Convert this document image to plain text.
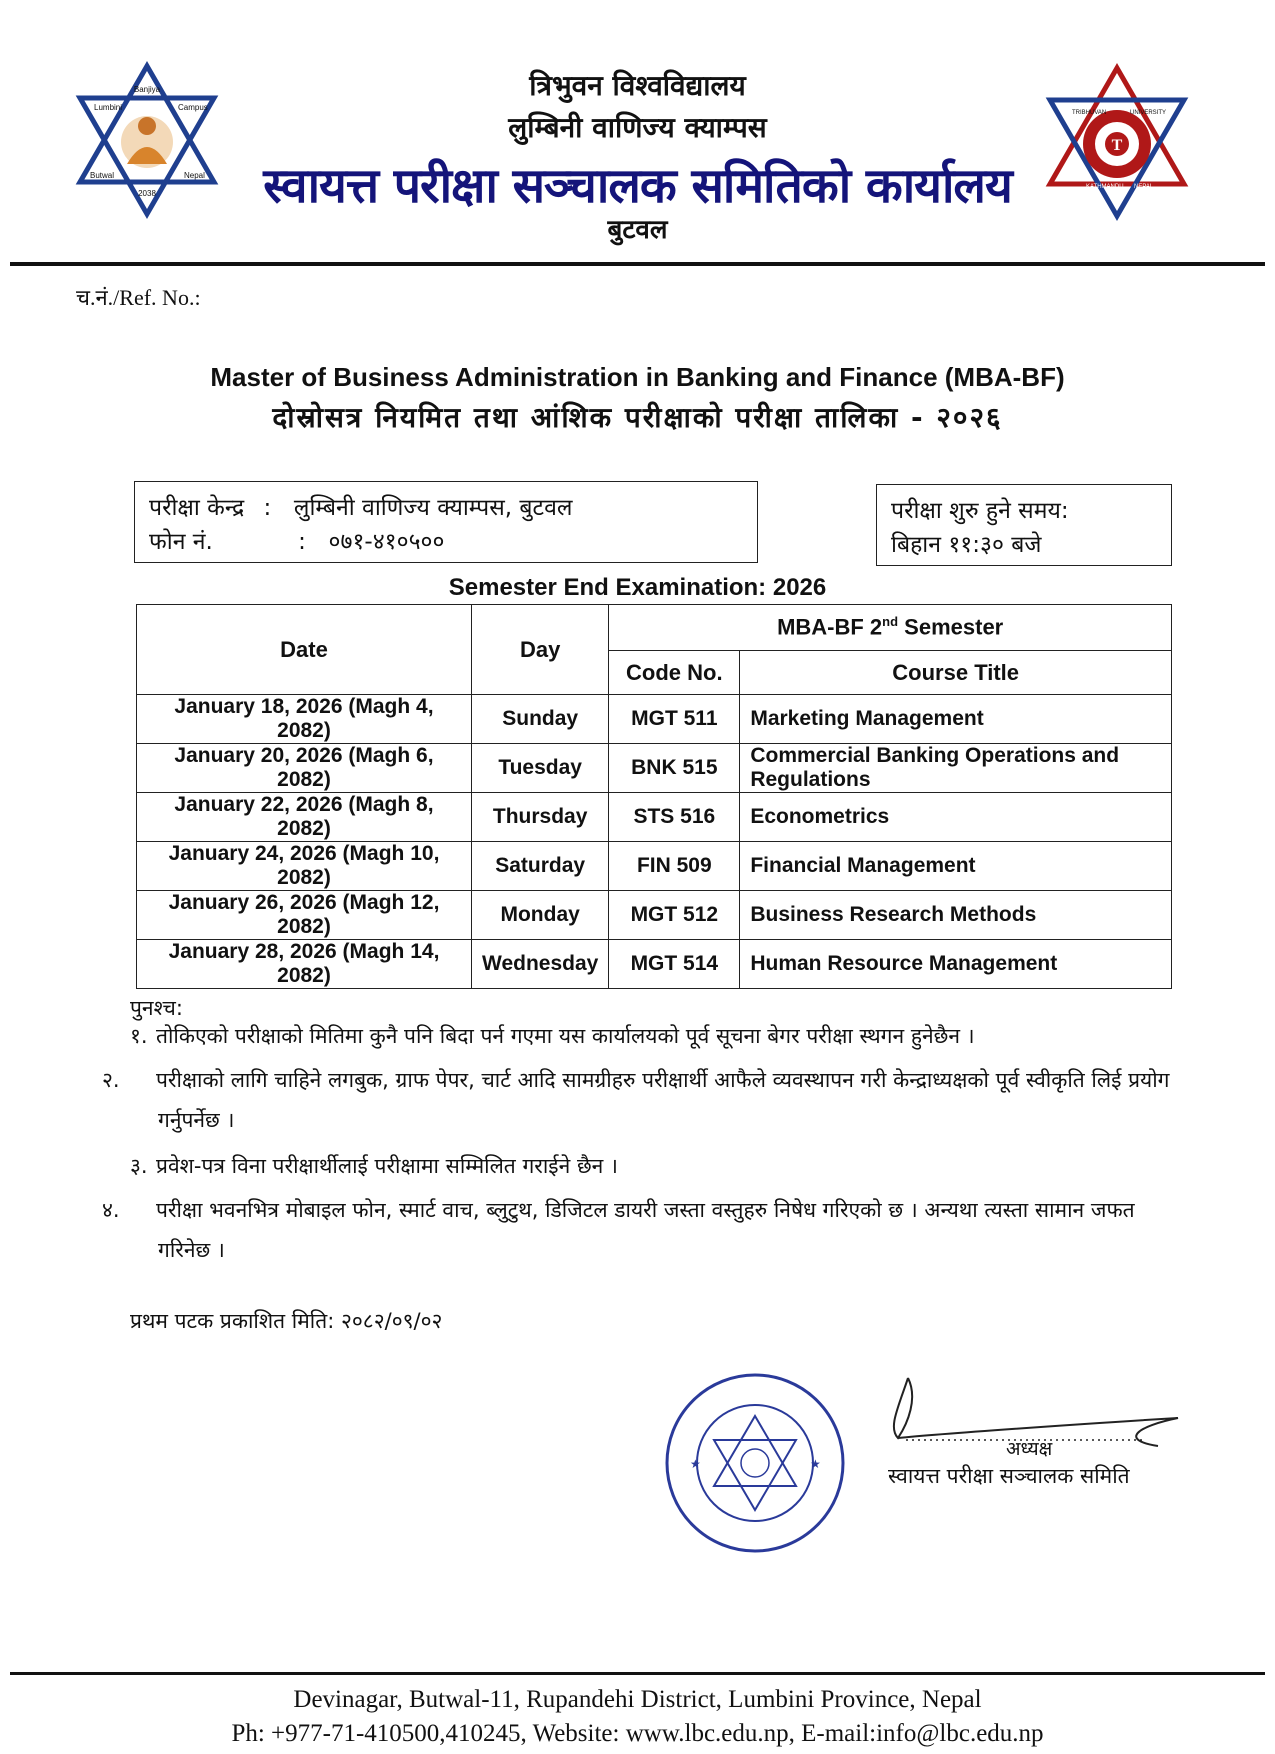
Banjiya
Lumbini	Campus
Butwal	Nepal
2038
त्रिभुवन विश्वविद्यालय
लुम्बिनी वाणिज्य क्याम्पस
स्वायत्त परीक्षा सञ्चालक समितिको कार्यालय
बुटवल
T
TRIBHUVAN	UNIVERSITY
KATHMANDU NEPAL
च.नं./Ref. No.:
Master of Business Administration in Banking and Finance (MBA-BF)
दोस्रोसत्र नियमित तथा आंशिक परीक्षाको परीक्षा तालिका - २०२६
परीक्षा केन्द्र :  लुम्बिनी वाणिज्य क्याम्पस, बुटवल
फोन नं.	:  ०७१-४१०५००
परीक्षा शुरु हुने समय:
बिहान ११:३० बजे
Semester End Examination: 2026
Date	Day	MBA-BF 2nd Semester	
		Code No.	Course Title
January 18, 2026 (Magh 4, 2082)	Sunday	MGT 511	Marketing Management
January 20, 2026 (Magh 6, 2082)	Tuesday	BNK 515	Commercial Banking Operations and Regulations
January 22, 2026 (Magh 8, 2082)	Thursday	STS 516	Econometrics
January 24, 2026 (Magh 10, 2082)	Saturday	FIN 509	Financial Management
January 26, 2026 (Magh 12, 2082)	Monday	MGT 512	Business Research Methods
January 28, 2026 (Magh 14, 2082)	Wednesday	MGT 514	Human Resource Management
पुनश्च:
१. तोकिएको परीक्षाको मितिमा कुनै पनि बिदा पर्न गएमा यस कार्यालयको पूर्व सूचना बेगर परीक्षा स्थगन हुनेछैन ।
२. परीक्षाको लागि चाहिने लगबुक, ग्राफ पेपर, चार्ट आदि सामग्रीहरु परीक्षार्थी आफैले व्यवस्थापन गरी केन्द्राध्यक्षको पूर्व स्वीकृति लिई प्रयोग गर्नुपर्नेछ ।
३. प्रवेश-पत्र विना परीक्षार्थीलाई परीक्षामा सम्मिलित गराईने छैन ।
४. परीक्षा भवनभित्र मोबाइल फोन, स्मार्ट वाच, ब्लुटुथ, डिजिटल डायरी जस्ता वस्तुहरु निषेध गरिएको छ । अन्यथा त्यस्ता सामान जफत गरिनेछ ।
प्रथम पटक प्रकाशित मिति: २०८२/०९/०२
★	★
अध्यक्ष
स्वायत्त परीक्षा सञ्चालक समिति
Devinagar, Butwal-11, Rupandehi District, Lumbini Province, Nepal
Ph: +977-71-410500,410245, Website: www.lbc.edu.np, E-mail:info@lbc.edu.np
